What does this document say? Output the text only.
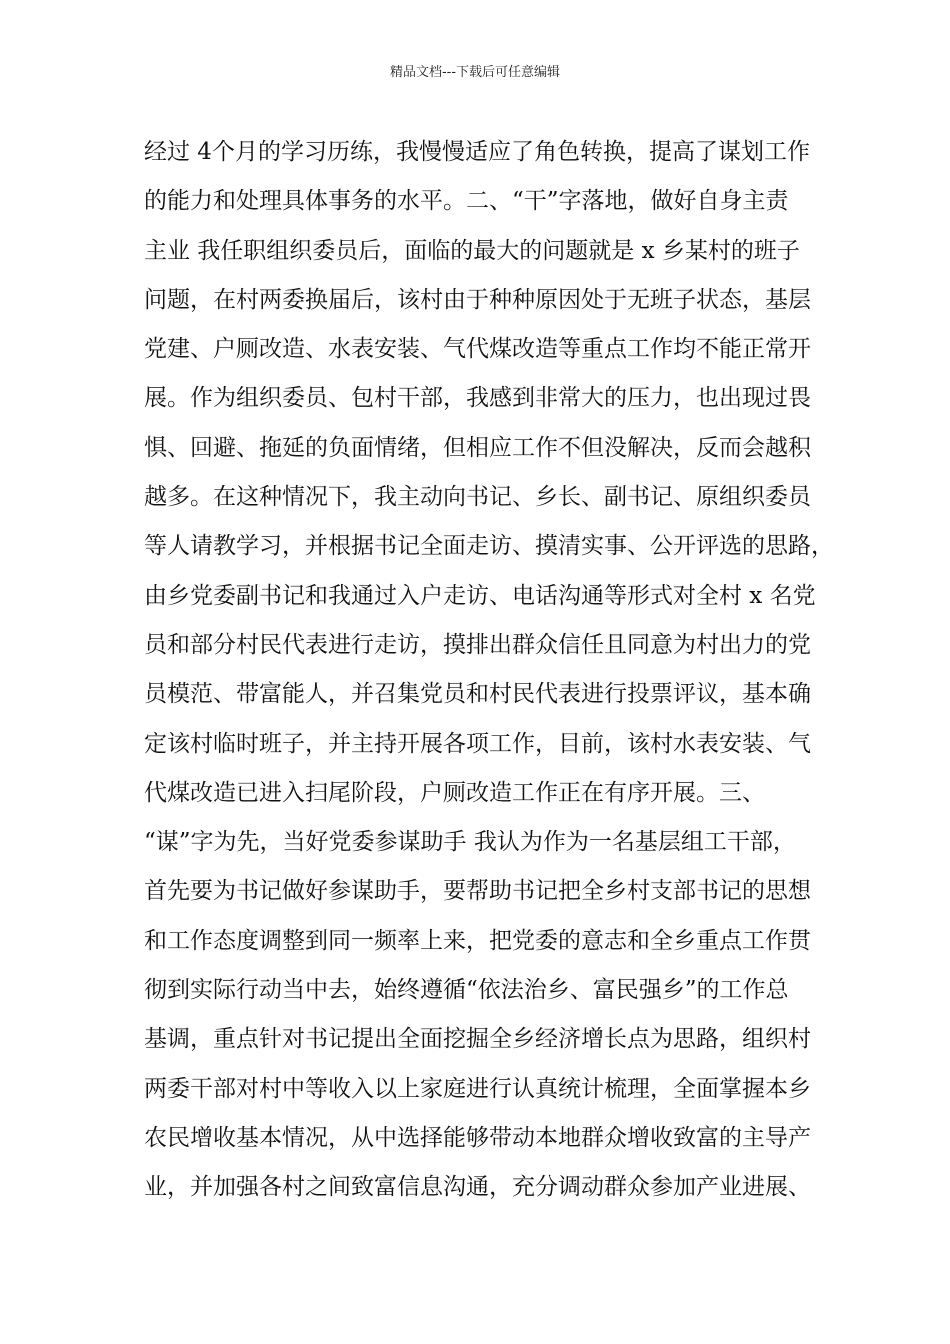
精品文档---下载后可任意编辑
经过 4个月的学习历练，我慢慢适应了角色转换，提高了谋划工作
的能力和处理具体事务的水平。二、“干”字落地，做好自身主责
主业 我任职组织委员后，面临的最大的问题就是 x 乡某村的班子
问题，在村两委换届后，该村由于种种原因处于无班子状态，基层
党建、户厕改造、水表安装、气代煤改造等重点工作均不能正常开
展。作为组织委员、包村干部，我感到非常大的压力，也出现过畏
惧、回避、拖延的负面情绪，但相应工作不但没解决，反而会越积
越多。在这种情况下，我主动向书记、乡长、副书记、原组织委员
等人请教学习，并根据书记全面走访、摸清实事、公开评选的思路，
由乡党委副书记和我通过入户走访、电话沟通等形式对全村 x 名党
员和部分村民代表进行走访，摸排出群众信任且同意为村出力的党
员模范、带富能人，并召集党员和村民代表进行投票评议，基本确
定该村临时班子，并主持开展各项工作，目前，该村水表安装、气
代煤改造已进入扫尾阶段，户厕改造工作正在有序开展。三、
“谋”字为先，当好党委参谋助手 我认为作为一名基层组工干部，
首先要为书记做好参谋助手，要帮助书记把全乡村支部书记的思想
和工作态度调整到同一频率上来，把党委的意志和全乡重点工作贯
彻到实际行动当中去，始终遵循“依法治乡、富民强乡”的工作总
基调，重点针对书记提出全面挖掘全乡经济增长点为思路，组织村
两委干部对村中等收入以上家庭进行认真统计梳理，全面掌握本乡
农民增收基本情况，从中选择能够带动本地群众增收致富的主导产
业，并加强各村之间致富信息沟通，充分调动群众参加产业进展、
